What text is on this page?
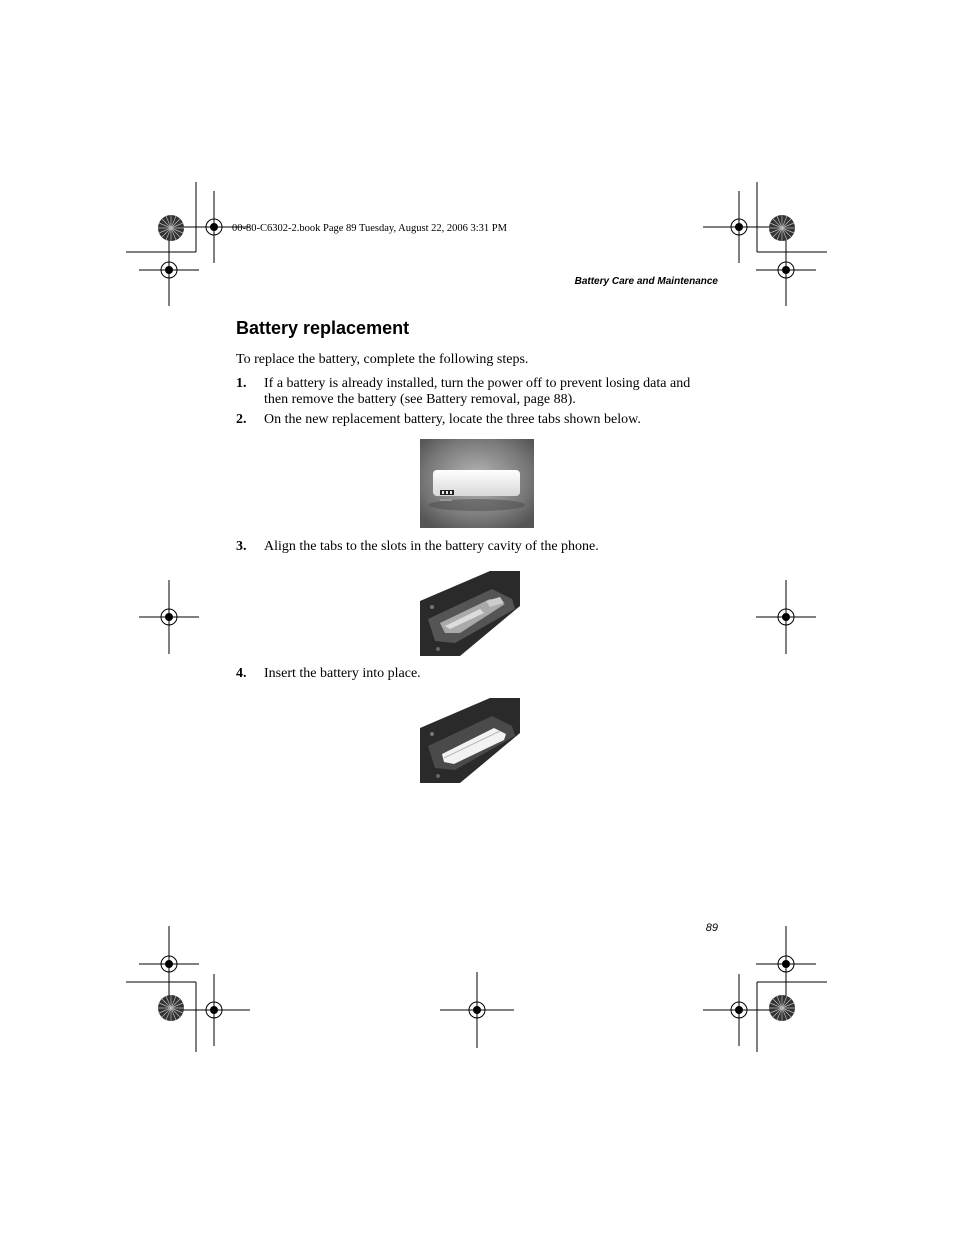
00-80-C6302-2.book Page 89 Tuesday, August 22, 2006 3:31 PM
Battery Care and Maintenance
Battery replacement
To replace the battery, complete the following steps.
1. If a battery is already installed, turn the power off to prevent losing data and then remove the battery (see Battery removal, page 88).
2. On the new replacement battery, locate the three tabs shown below.
3. Align the tabs to the slots in the battery cavity of the phone.
4. Insert the battery into place.
89
